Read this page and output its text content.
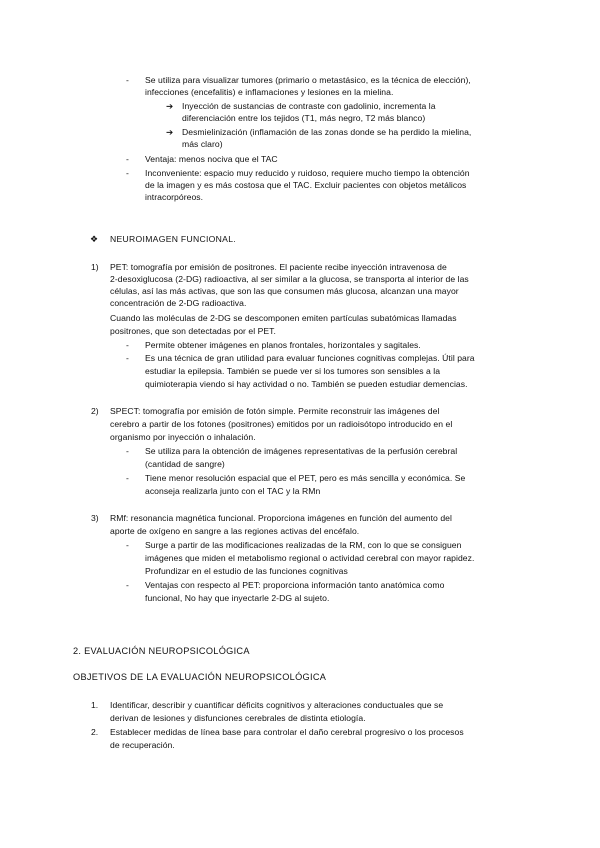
- Se utiliza para visualizar tumores (primario o metastásico, es la técnica de elección),
infecciones (encefalitis) e inflamaciones y lesiones en la mielina.
➔ Inyección de sustancias de contraste con gadolinio, incrementa la
diferenciación entre los tejidos (T1, más negro, T2 más blanco)
➔ Desmielinización (inflamación de las zonas donde se ha perdido la mielina,
más claro)
- Ventaja: menos nociva que el TAC
- Inconveniente: espacio muy reducido y ruidoso, requiere mucho tiempo la obtención
de la imagen y es más costosa que el TAC. Excluir pacientes con objetos metálicos
intracorpóreos.
❖ NEUROIMAGEN FUNCIONAL.
1) PET: tomografía por emisión de positrones. El paciente recibe inyección intravenosa de
2-desoxiglucosa (2-DG) radioactiva, al ser similar a la glucosa, se transporta al interior de las
células, así las más activas, que son las que consumen más glucosa, alcanzan una mayor
concentración de 2-DG radioactiva.
Cuando las moléculas de 2-DG se descomponen emiten partículas subatómicas llamadas
positrones, que son detectadas por el PET.
- Permite obtener imágenes en planos frontales, horizontales y sagitales.
- Es una técnica de gran utilidad para evaluar funciones cognitivas complejas. Útil para
estudiar la epilepsia. También se puede ver si los tumores son sensibles a la
quimioterapia viendo si hay actividad o no. También se pueden estudiar demencias.
2) SPECT: tomografía por emisión de fotón simple. Permite reconstruir las imágenes del
cerebro a partir de los fotones (positrones) emitidos por un radioisótopo introducido en el
organismo por inyección o inhalación.
- Se utiliza para la obtención de imágenes representativas de la perfusión cerebral
(cantidad de sangre)
- Tiene menor resolución espacial que el PET, pero es más sencilla y económica. Se
aconseja realizarla junto con el TAC y la RMn
3) RMf: resonancia magnética funcional. Proporciona imágenes en función del aumento del
aporte de oxígeno en sangre a las regiones activas del encéfalo.
- Surge a partir de las modificaciones realizadas de la RM, con lo que se consiguen
imágenes que miden el metabolismo regional o actividad cerebral con mayor rapidez.
Profundizar en el estudio de las funciones cognitivas
- Ventajas con respecto al PET: proporciona información tanto anatómica como
funcional, No hay que inyectarle 2-DG al sujeto.
2. EVALUACIÓN NEUROPSICOLÓGICA
OBJETIVOS DE LA EVALUACIÓN NEUROPSICOLÓGICA
1. Identificar, describir y cuantificar déficits cognitivos y alteraciones conductuales que se
derivan de lesiones y disfunciones cerebrales de distinta etiología.
2. Establecer medidas de línea base para controlar el daño cerebral progresivo o los procesos
de recuperación.
